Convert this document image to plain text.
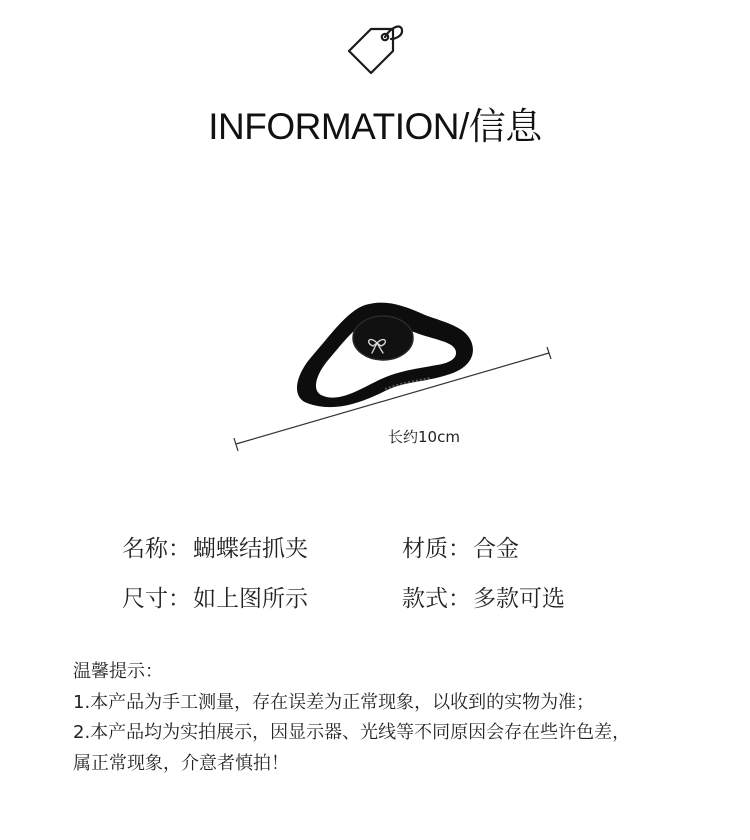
INFORMATION/信息
长约10cm
名称：蝴蝶结抓夹	材质：合金
尺寸：如上图所示	款式：多款可选
温馨提示：
1.本产品为手工测量，存在误差为正常现象，以收到的实物为准；
2.本产品均为实拍展示，因显示器、光线等不同原因会存在些许色差，
属正常现象，介意者慎拍！
